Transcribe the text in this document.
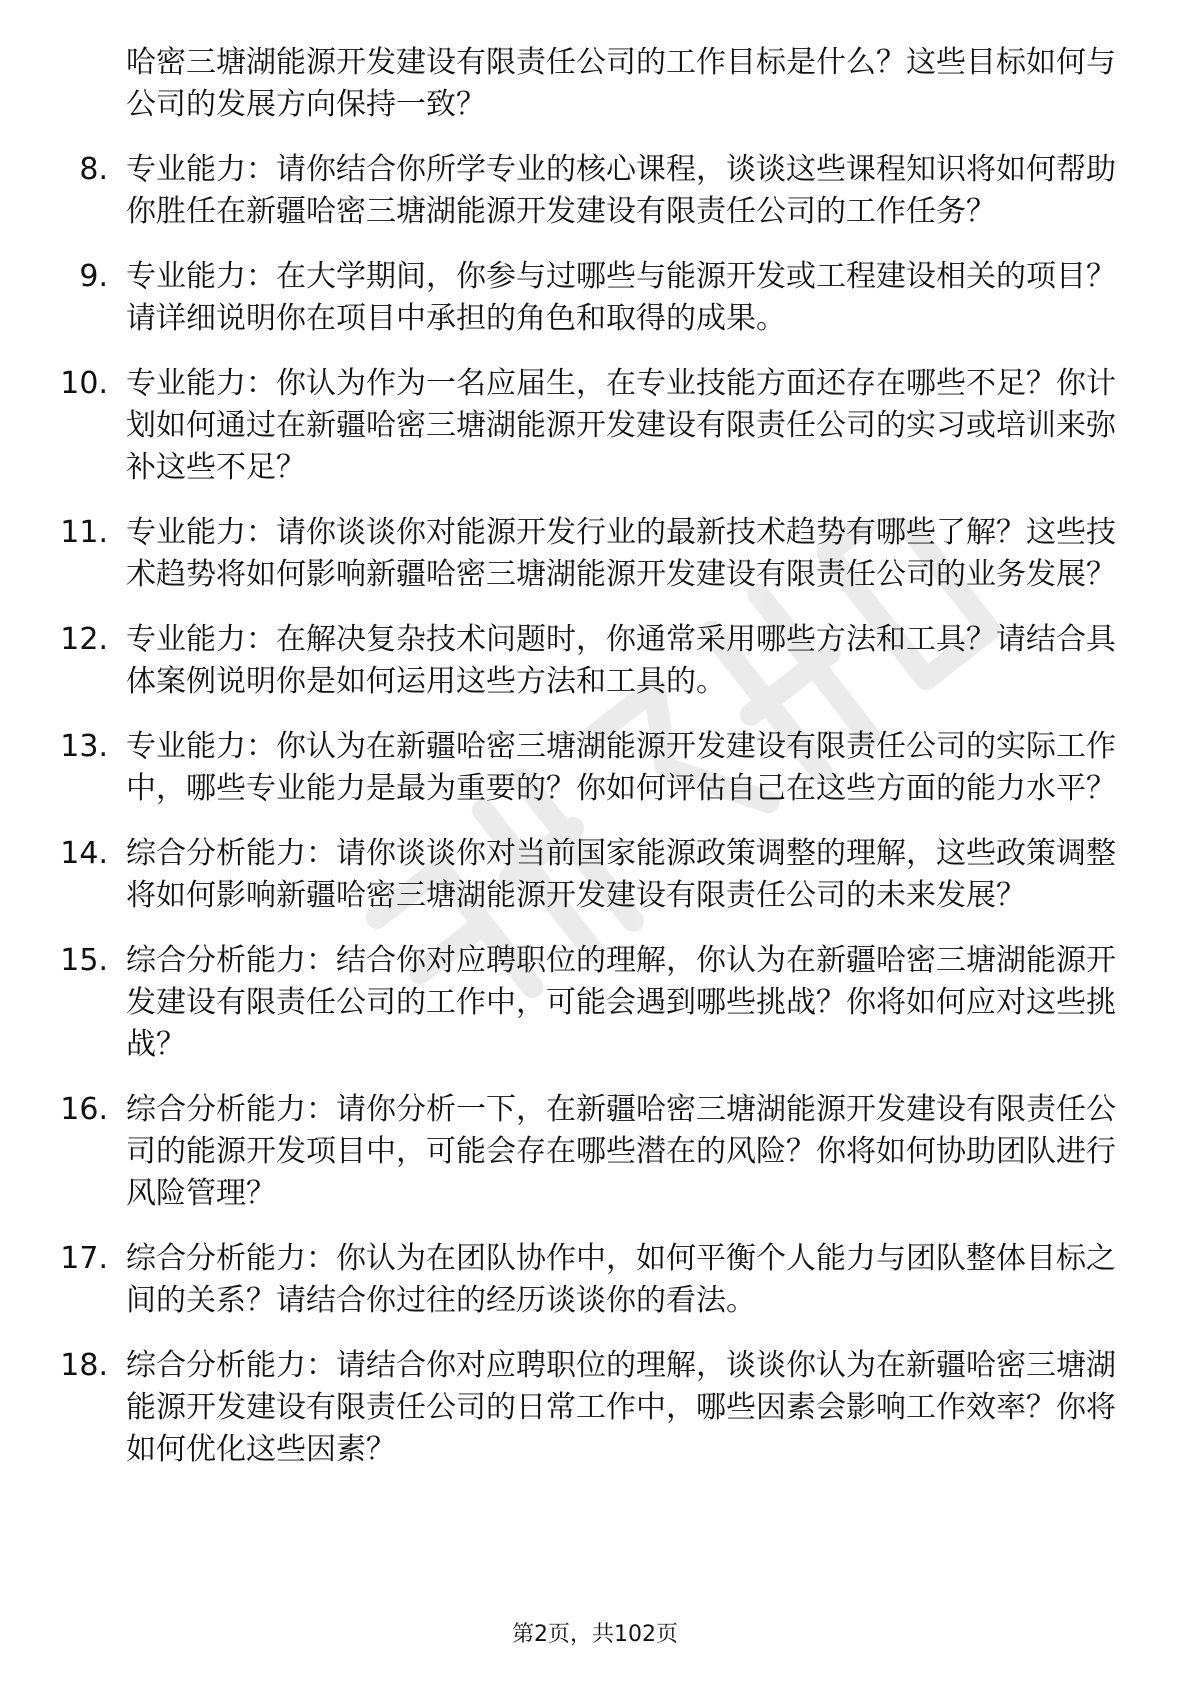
哈密三塘湖能源开发建设有限责任公司的工作目标是什么？这些目标如何与公司的发展方向保持一致？
8. 专业能力：请你结合你所学专业的核心课程，谈谈这些课程知识将如何帮助你胜任在新疆哈密三塘湖能源开发建设有限责任公司的工作任务？
9. 专业能力：在大学期间，你参与过哪些与能源开发或工程建设相关的项目？请详细说明你在项目中承担的角色和取得的成果。
10. 专业能力：你认为作为一名应届生，在专业技能方面还存在哪些不足？你计划如何通过在新疆哈密三塘湖能源开发建设有限责任公司的实习或培训来弥补这些不足？
11. 专业能力：请你谈谈你对能源开发行业的最新技术趋势有哪些了解？这些技术趋势将如何影响新疆哈密三塘湖能源开发建设有限责任公司的业务发展？
12. 专业能力：在解决复杂技术问题时，你通常采用哪些方法和工具？请结合具体案例说明你是如何运用这些方法和工具的。
13. 专业能力：你认为在新疆哈密三塘湖能源开发建设有限责任公司的实际工作中，哪些专业能力是最为重要的？你如何评估自己在这些方面的能力水平？
14. 综合分析能力：请你谈谈你对当前国家能源政策调整的理解，这些政策调整将如何影响新疆哈密三塘湖能源开发建设有限责任公司的未来发展？
15. 综合分析能力：结合你对应聘职位的理解，你认为在新疆哈密三塘湖能源开发建设有限责任公司的工作中，可能会遇到哪些挑战？你将如何应对这些挑战？
16. 综合分析能力：请你分析一下，在新疆哈密三塘湖能源开发建设有限责任公司的能源开发项目中，可能会存在哪些潜在的风险？你将如何协助团队进行风险管理？
17. 综合分析能力：你认为在团队协作中，如何平衡个人能力与团队整体目标之间的关系？请结合你过往的经历谈谈你的看法。
18. 综合分析能力：请结合你对应聘职位的理解，谈谈你认为在新疆哈密三塘湖能源开发建设有限责任公司的日常工作中，哪些因素会影响工作效率？你将如何优化这些因素？
第2页，共102页
